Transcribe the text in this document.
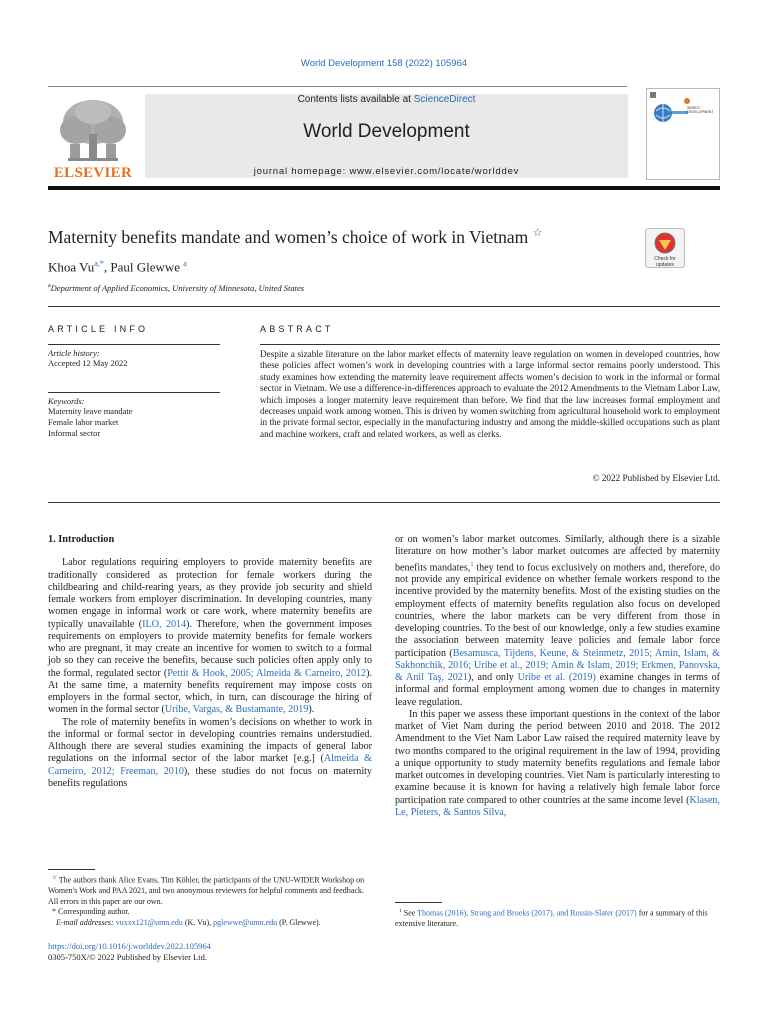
World Development 158 (2022) 105964
ELSEVIER
Contents lists available at ScienceDirect
World Development
journal homepage: www.elsevier.com/locate/worlddev
WORLD DEVELOPMENT
Maternity benefits mandate and women’s choice of work in Vietnam ☆
Check for updates
Khoa $Vu^{a,*}$, Paul Glewwe $^a$
$^a$Department of Applied Economics, University of Minnesota, United States
ARTICLE INFO	ABSTRACT
Article history:
Accepted 12 May 2022
Keywords:
Maternity leave mandate
Female labor market
Informal sector
Despite a sizable literature on the labor market effects of maternity leave regulation on women in developed countries, how these policies affect women’s work in developing countries with a large informal sector remains poorly understood. This study examines how extending the maternity leave requirement affects women’s decision to work in the informal or formal sector in Vietnam. We use a difference-in-differences approach to evaluate the 2012 Amendments to the Vietnam Labor Law, which imposes a longer maternity leave requirement than before. We find that the law increases formal employment and decreases unpaid work among women. This is driven by women switching from agricultural household work to employment in the private formal sector, especially in the manufacturing industry and among the middle-skilled occupations such as plant and machine workers, craft and related workers, as well as clerks.
© 2022 Published by Elsevier Ltd.
1. Introduction

Labor regulations requiring employers to provide maternity benefits are traditionally considered as protection for female workers during the childbearing and child-rearing years, as they provide job security and shield female workers from employer discrimination. In developing countries, many women engage in informal work or care work, where maternity benefits are typically unavailable (ILO, 2014). Therefore, when the government imposes requirements on employers to provide maternity benefits for female workers who are pregnant, it may create an incentive for women to switch to a formal job so they can receive the benefits, because such policies often apply only to the formal, regulated sector (Pettit & Hook, 2005; Almeida & Carneiro, 2012). At the same time, a maternity benefits requirement may impose costs on employers in the formal sector, which, in turn, can discourage the hiring of women in the formal sector (Uribe, Vargas, & Bustamante, 2019).

The role of maternity benefits in women’s decisions on whether to work in the informal or formal sector in developing countries remains understudied. Although there are several studies examining the impacts of general labor regulations on the informal sector of the labor market [e.g.] (Almeida & Carneiro, 2012; Freeman, 2010), these studies do not focus on maternity benefits regulations

or on women’s labor market outcomes. Similarly, although there is a sizable literature on how mother’s labor market outcomes are affected by maternity benefits mandates,$^1$ they tend to focus exclusively on mothers and, therefore, do not provide any empirical evidence on whether female workers respond to the incentive provided by the maternity benefits. Most of the existing studies on the employment effects of maternity benefits regulation also focus on developed countries, where the labor markets can be very different from those in developing countries. To the best of our knowledge, only a few studies examine the association between maternity leave policies and female labor force participation (Besamusca, Tijdens, Keune, & Steinmetz, 2015; Amin, Islam, & Sakhonchik, 2016; Uribe et al., 2019; Amin & Islam, 2019; Erkmen, Panovska, & Anil Taş, 2021), and only Uribe et al. (2019) examine changes in terms of informal and formal employment among women due to changes in maternity leave regulation.

In this paper we assess these important questions in the context of the labor market of Viet Nam during the period between 2010 and 2018. The 2012 Amendment to the Viet Nam Labor Law raised the required maternity leave by two months compared to the original requirement in the law of 1994, providing a unique opportunity to study maternity benefits regulations and female labor market outcomes in developing countries. Viet Nam is particularly interesting to examine because it is known for having a relatively high female labor force participation rate compared to other countries at the same income level (Klasen, Le, Pieters, & Santos Silva,

☆ The authors thank Alice Evans, Tim Köhler, the participants of the UNU-WIDER Workshop on Women's Work and PAA 2021, and two anonymous reviewers for helpful comments and feedback. All errors in this paper are our own.
* Corresponding author.
E-mail addresses: vuxxx121@umn.edu (K. Vu), pglewwe@umn.edu (P. Glewwe).
$^1$ See Thomas (2016), Strang and Broeks (2017), and Rossin-Slater (2017) for a summary of this extensive literature.
https://doi.org/10.1016/j.worlddev.2022.105964
0305-750X/© 2022 Published by Elsevier Ltd.
